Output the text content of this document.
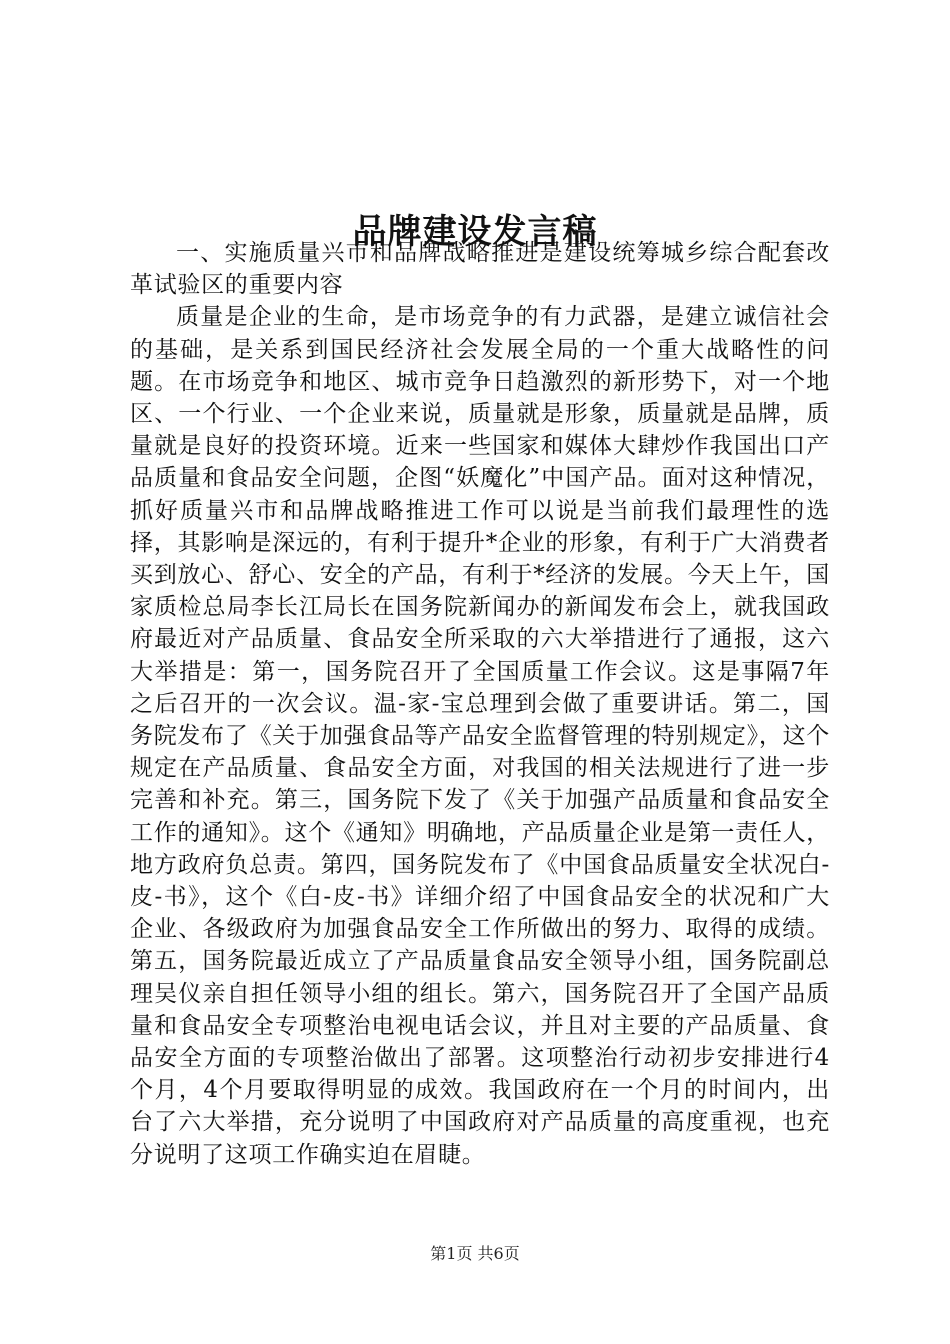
品牌建设发言稿

一、实施质量兴市和品牌战略推进是建设统筹城乡综合配套改革试验区的重要内容

质量是企业的生命，是市场竞争的有力武器，是建立诚信社会的基础，是关系到国民经济社会发展全局的一个重大战略性的问题。在市场竞争和地区、城市竞争日趋激烈的新形势下，对一个地区、一个行业、一个企业来说，质量就是形象，质量就是品牌，质量就是良好的投资环境。近来一些国家和媒体大肆炒作我国出口产品质量和食品安全问题，企图“妖魔化”中国产品。面对这种情况，抓好质量兴市和品牌战略推进工作可以说是当前我们最理性的选择，其影响是深远的，有利于提升*企业的形象，有利于广大消费者买到放心、舒心、安全的产品，有利于*经济的发展。今天上午，国家质检总局李长江局长在国务院新闻办的新闻发布会上，就我国政府最近对产品质量、食品安全所采取的六大举措进行了通报，这六大举措是：第一，国务院召开了全国质量工作会议。这是事隔7年之后召开的一次会议。温-家-宝总理到会做了重要讲话。第二，国务院发布了《关于加强食品等产品安全监督管理的特别规定》，这个规定在产品质量、食品安全方面，对我国的相关法规进行了进一步完善和补充。第三，国务院下发了《关于加强产品质量和食品安全工作的通知》。这个《通知》明确地，产品质量企业是第一责任人，地方政府负总责。第四，国务院发布了《中国食品质量安全状况白-皮-书》，这个《白-皮-书》详细介绍了中国食品安全的状况和广大企业、各级政府为加强食品安全工作所做出的努力、取得的成绩。第五，国务院最近成立了产品质量食品安全领导小组，国务院副总理吴仪亲自担任领导小组的组长。第六，国务院召开了全国产品质量和食品安全专项整治电视电话会议，并且对主要的产品质量、食品安全方面的专项整治做出了部署。这项整治行动初步安排进行4个月，4个月要取得明显的成效。我国政府在一个月的时间内，出台了六大举措，充分说明了中国政府对产品质量的高度重视，也充分说明了这项工作确实迫在眉睫。

第1页 共6页
